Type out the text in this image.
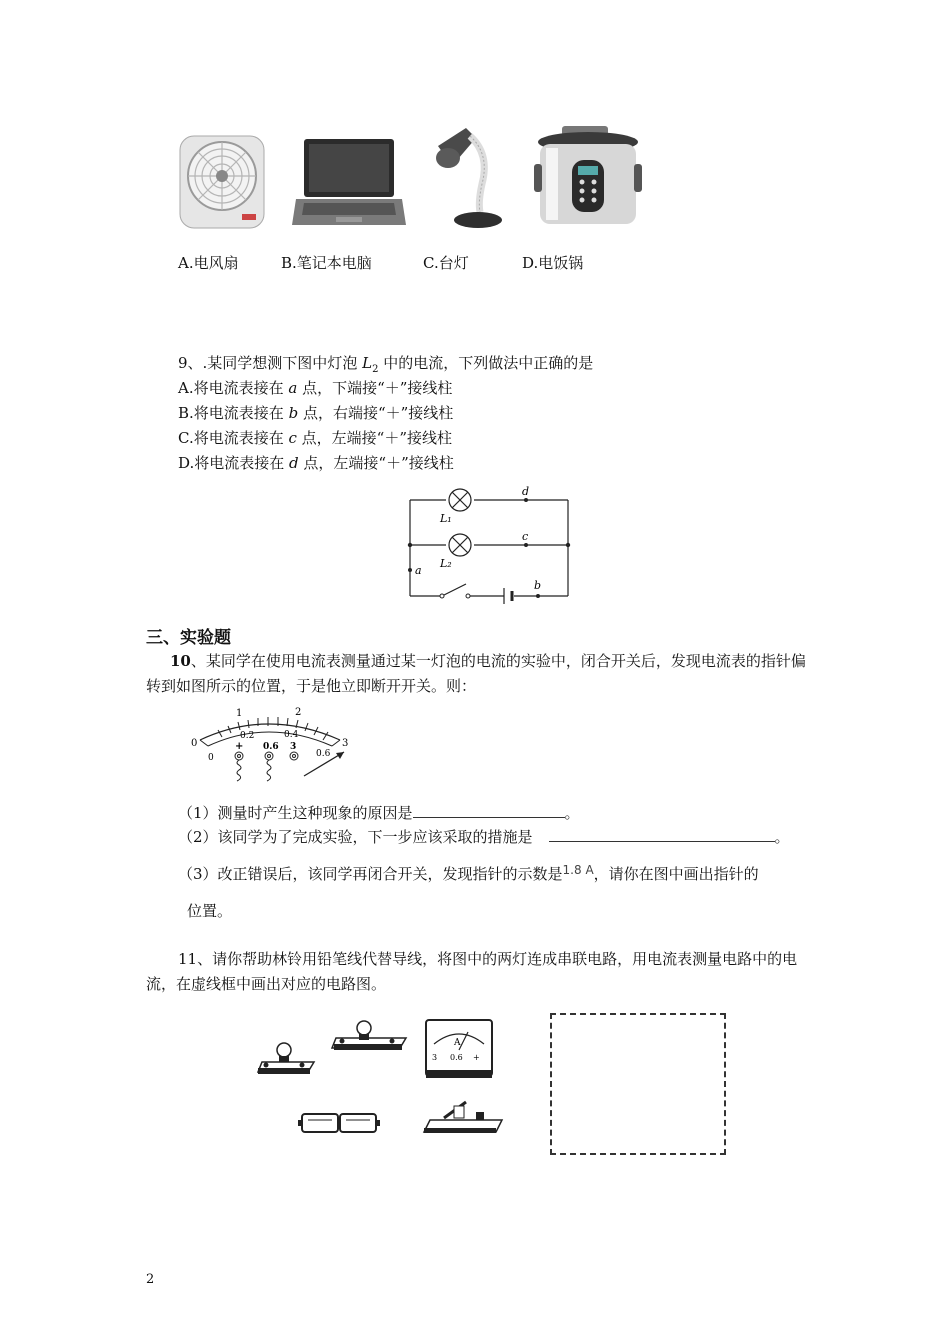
A.电风扇	B.笔记本电脑	C.台灯	D.电饭锅
9、.某同学想测下图中灯泡 $L_2$ 中的电流，下列做法中正确的是
A.将电流表接在 a 点，下端接“＋”接线柱
B.将电流表接在 b 点，右端接“＋”接线柱
C.将电流表接在 c 点，左端接“＋”接线柱
D.将电流表接在 d 点，左端接“＋”接线柱
L₁
L₂
d
c
a
b
三、实验题
10、某同学在使用电流表测量通过某一灯泡的电流的实验中，闭合开关后，发现电流表的指针偏转到如图所示的位置，于是他立即断开开关。则：
0
1	2
3
0
0.2	0.4
0.6
+ 0.6 3
（1）测量时产生这种现象的原因是	。
（2）该同学为了完成实验，下一步应该采取的措施是	。
（3）改正错误后，该同学再闭合开关，发现指针的示数是$^{1.8 A}$，请你在图中画出指针的
位置。
11、请你帮助林铃用铅笔线代替导线，将图中的两灯连成串联电路，用电流表测量电路中的电流，在虚线框中画出对应的电路图。
A
3 0.6 +
2
